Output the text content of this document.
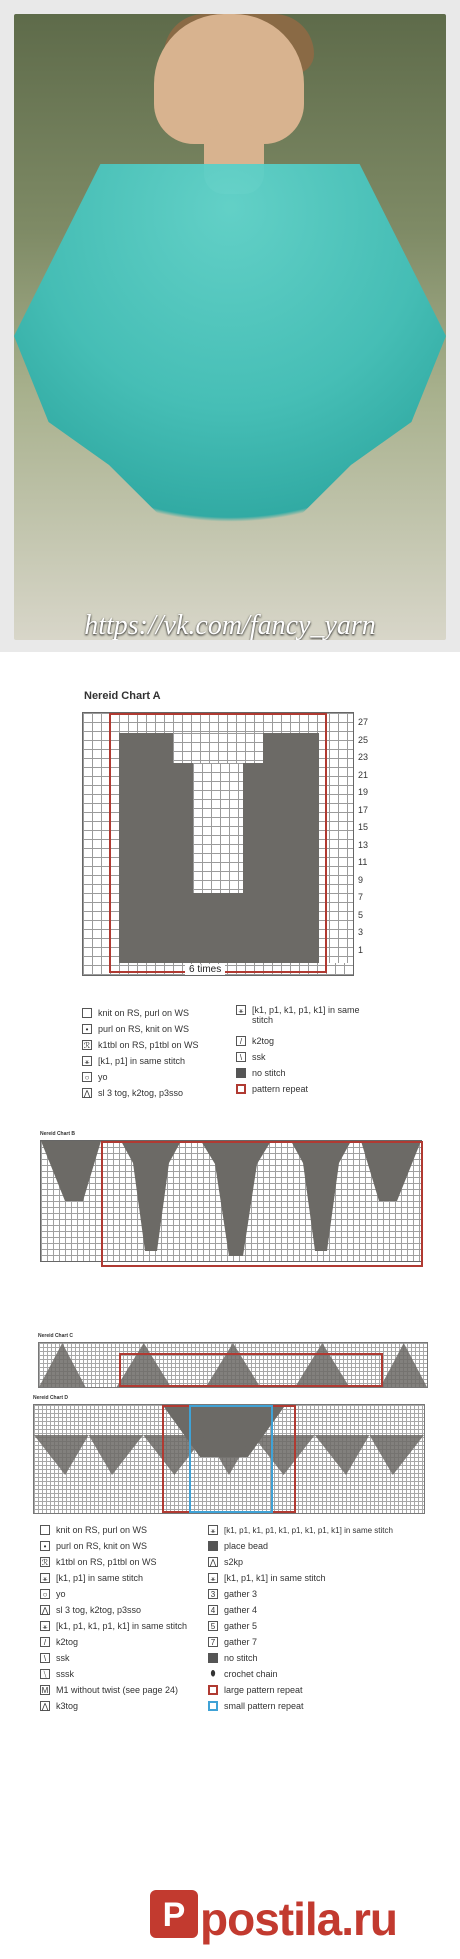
https://vk.com/fancy_yarn
Nereid Chart A
6 times
27
25
23
21
19
17
15
13
11
9
7
5
3
1
knit on RS, purl on WS
•	purl on RS, knit on WS
ℛ k1tbl on RS, p1tbl on WS
⚹ [k1, p1] in same stitch
○ yo
⋀ sl 3 tog, k2tog, p3sso
⚹ [k1, p1, k1, p1, k1] in same stitch
/	k2tog
\	ssk
no stitch
pattern repeat
Nereid Chart B
Nereid Chart C
Nereid Chart D
knit on RS, purl on WS
•	purl on RS, knit on WS
ℛ k1tbl on RS, p1tbl on WS
⚹ [k1, p1] in same stitch
○ yo
⋀ sl 3 tog, k2tog, p3sso
⚹ [k1, p1, k1, p1, k1] in same stitch
/	k2tog
\	ssk
⧹	sssk
M M1 without twist (see page 24)
⋀ k3tog
⚹	[k1, p1, k1, p1, k1, p1, k1, p1, k1] in same stitch
place bead
⋀ s2kp
⚹ [k1, p1, k1] in same stitch
3 gather 3
4 gather 4
5 gather 5
7 gather 7
no stitch
⬮ crochet chain
large pattern repeat
small pattern repeat
P postila.ru
